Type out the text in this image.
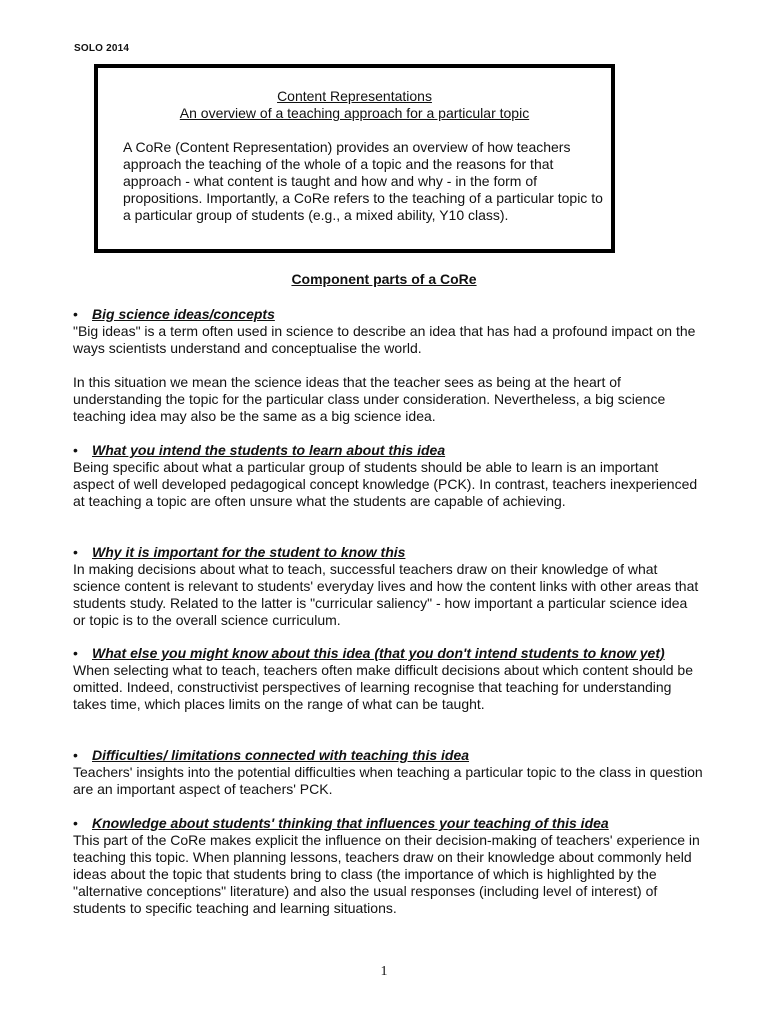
SOLO 2014
Content Representations
An overview of a teaching approach for a particular topic
A CoRe (Content Representation) provides an overview of how teachers approach the teaching of the whole of a topic and the reasons for that approach - what content is taught and how and why - in the form of propositions. Importantly, a CoRe refers to the teaching of a particular topic to a particular group of students (e.g., a mixed ability, Y10 class).
Component parts of a CoRe
• Big science ideas/concepts

"Big ideas" is a term often used in science to describe an idea that has had a profound impact on the ways scientists understand and conceptualise the world.

In this situation we mean the science ideas that the teacher sees as being at the heart of understanding the topic for the particular class under consideration. Nevertheless, a big science teaching idea may also be the same as a big science idea.

• What you intend the students to learn about this idea

Being specific about what a particular group of students should be able to learn is an important aspect of well developed pedagogical concept knowledge (PCK). In contrast, teachers inexperienced at teaching a topic are often unsure what the students are capable of achieving.

• Why it is important for the student to know this

In making decisions about what to teach, successful teachers draw on their knowledge of what science content is relevant to students' everyday lives and how the content links with other areas that students study. Related to the latter is "curricular saliency" - how important a particular science idea or topic is to the overall science curriculum.

• What else you might know about this idea (that you don't intend students to know yet)

When selecting what to teach, teachers often make difficult decisions about which content should be omitted. Indeed, constructivist perspectives of learning recognise that teaching for understanding takes time, which places limits on the range of what can be taught.

• Difficulties/ limitations connected with teaching this idea

Teachers' insights into the potential difficulties when teaching a particular topic to the class in question are an important aspect of teachers' PCK.

• Knowledge about students' thinking that influences your teaching of this idea

This part of the CoRe makes explicit the influence on their decision-making of teachers' experience in teaching this topic. When planning lessons, teachers draw on their knowledge about commonly held ideas about the topic that students bring to class (the importance of which is highlighted by the "alternative conceptions" literature) and also the usual responses (including level of interest) of students to specific teaching and learning situations.

1
